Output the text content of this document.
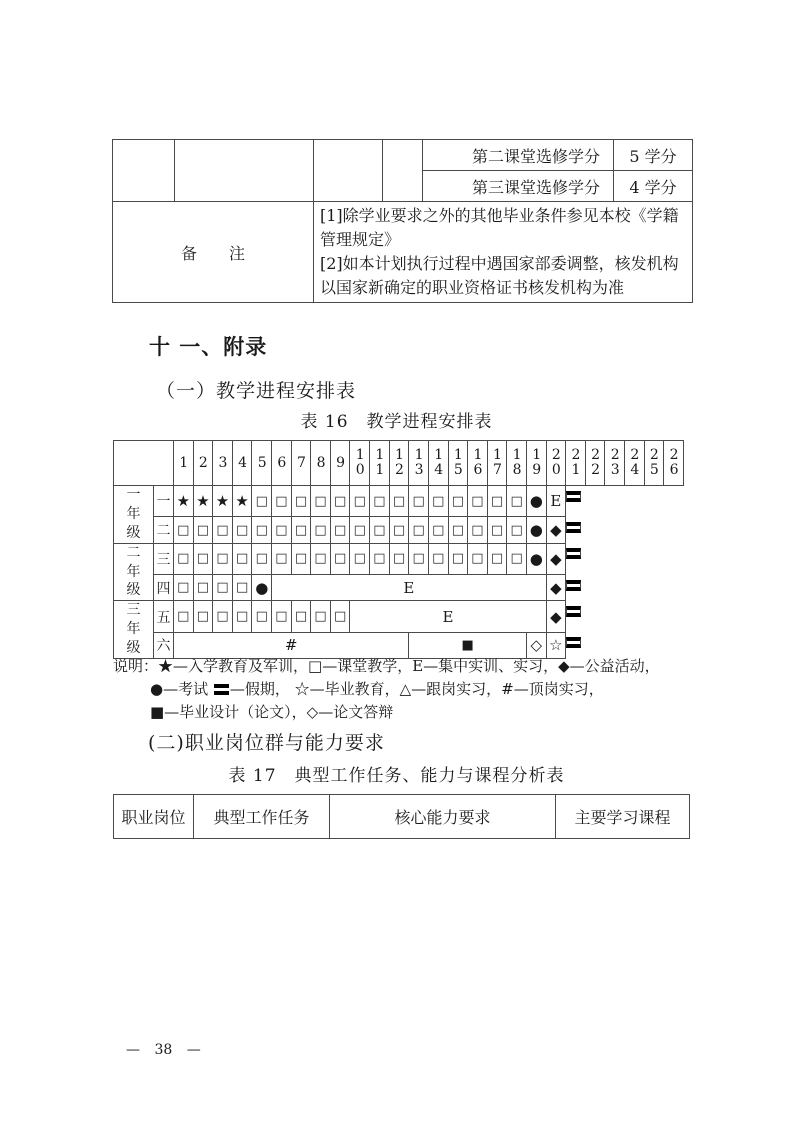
				第二课堂选修学分	5 学分
				第三课堂选修学分	4 学分
备　　注		[1]除学业要求之外的其他毕业条件参见本校《学籍管理规定》
[2]如本计划执行过程中遇国家部委调整，核发机构以国家新确定的职业资格证书核发机构为准			
十 一、附录
（一）教学进程安排表
表 16　教学进程安排表
		1	2	3	4	5	6	7	8	9	10	11	12	13	14	15	16	17	18	19	20	21	22	23	24	25	26
一年级	一	★	★	★	★	□	□	□	□	□	□	□	□	□	□	□	□	□	□	●	E						
	二	□	□	□	□	□	□	□	□	□	□	□	□	□	□	□	□	□	□	●	◆						
二年级	三	□	□	□	□	□	□	□	□	□	□	□	□	□	□	□	□	□	□	●	◆						
	四	□	□	□	□	●	E														◆						
三年级	五	□	□	□	□	□	□	□	□	□	E										◆						
	六	#												■						◇	☆						
说明：★—入学教育及军训，□—课堂教学，E—集中实训、实习，◆—公益活动，
●—考试 —假期， ☆—毕业教育，△—跟岗实习，#—顶岗实习，
■—毕业设计（论文），◇—论文答辩
(二)职业岗位群与能力要求
表 17　典型工作任务、能力与课程分析表
职业岗位	典型工作任务	核心能力要求	主要学习课程
— 38 —
